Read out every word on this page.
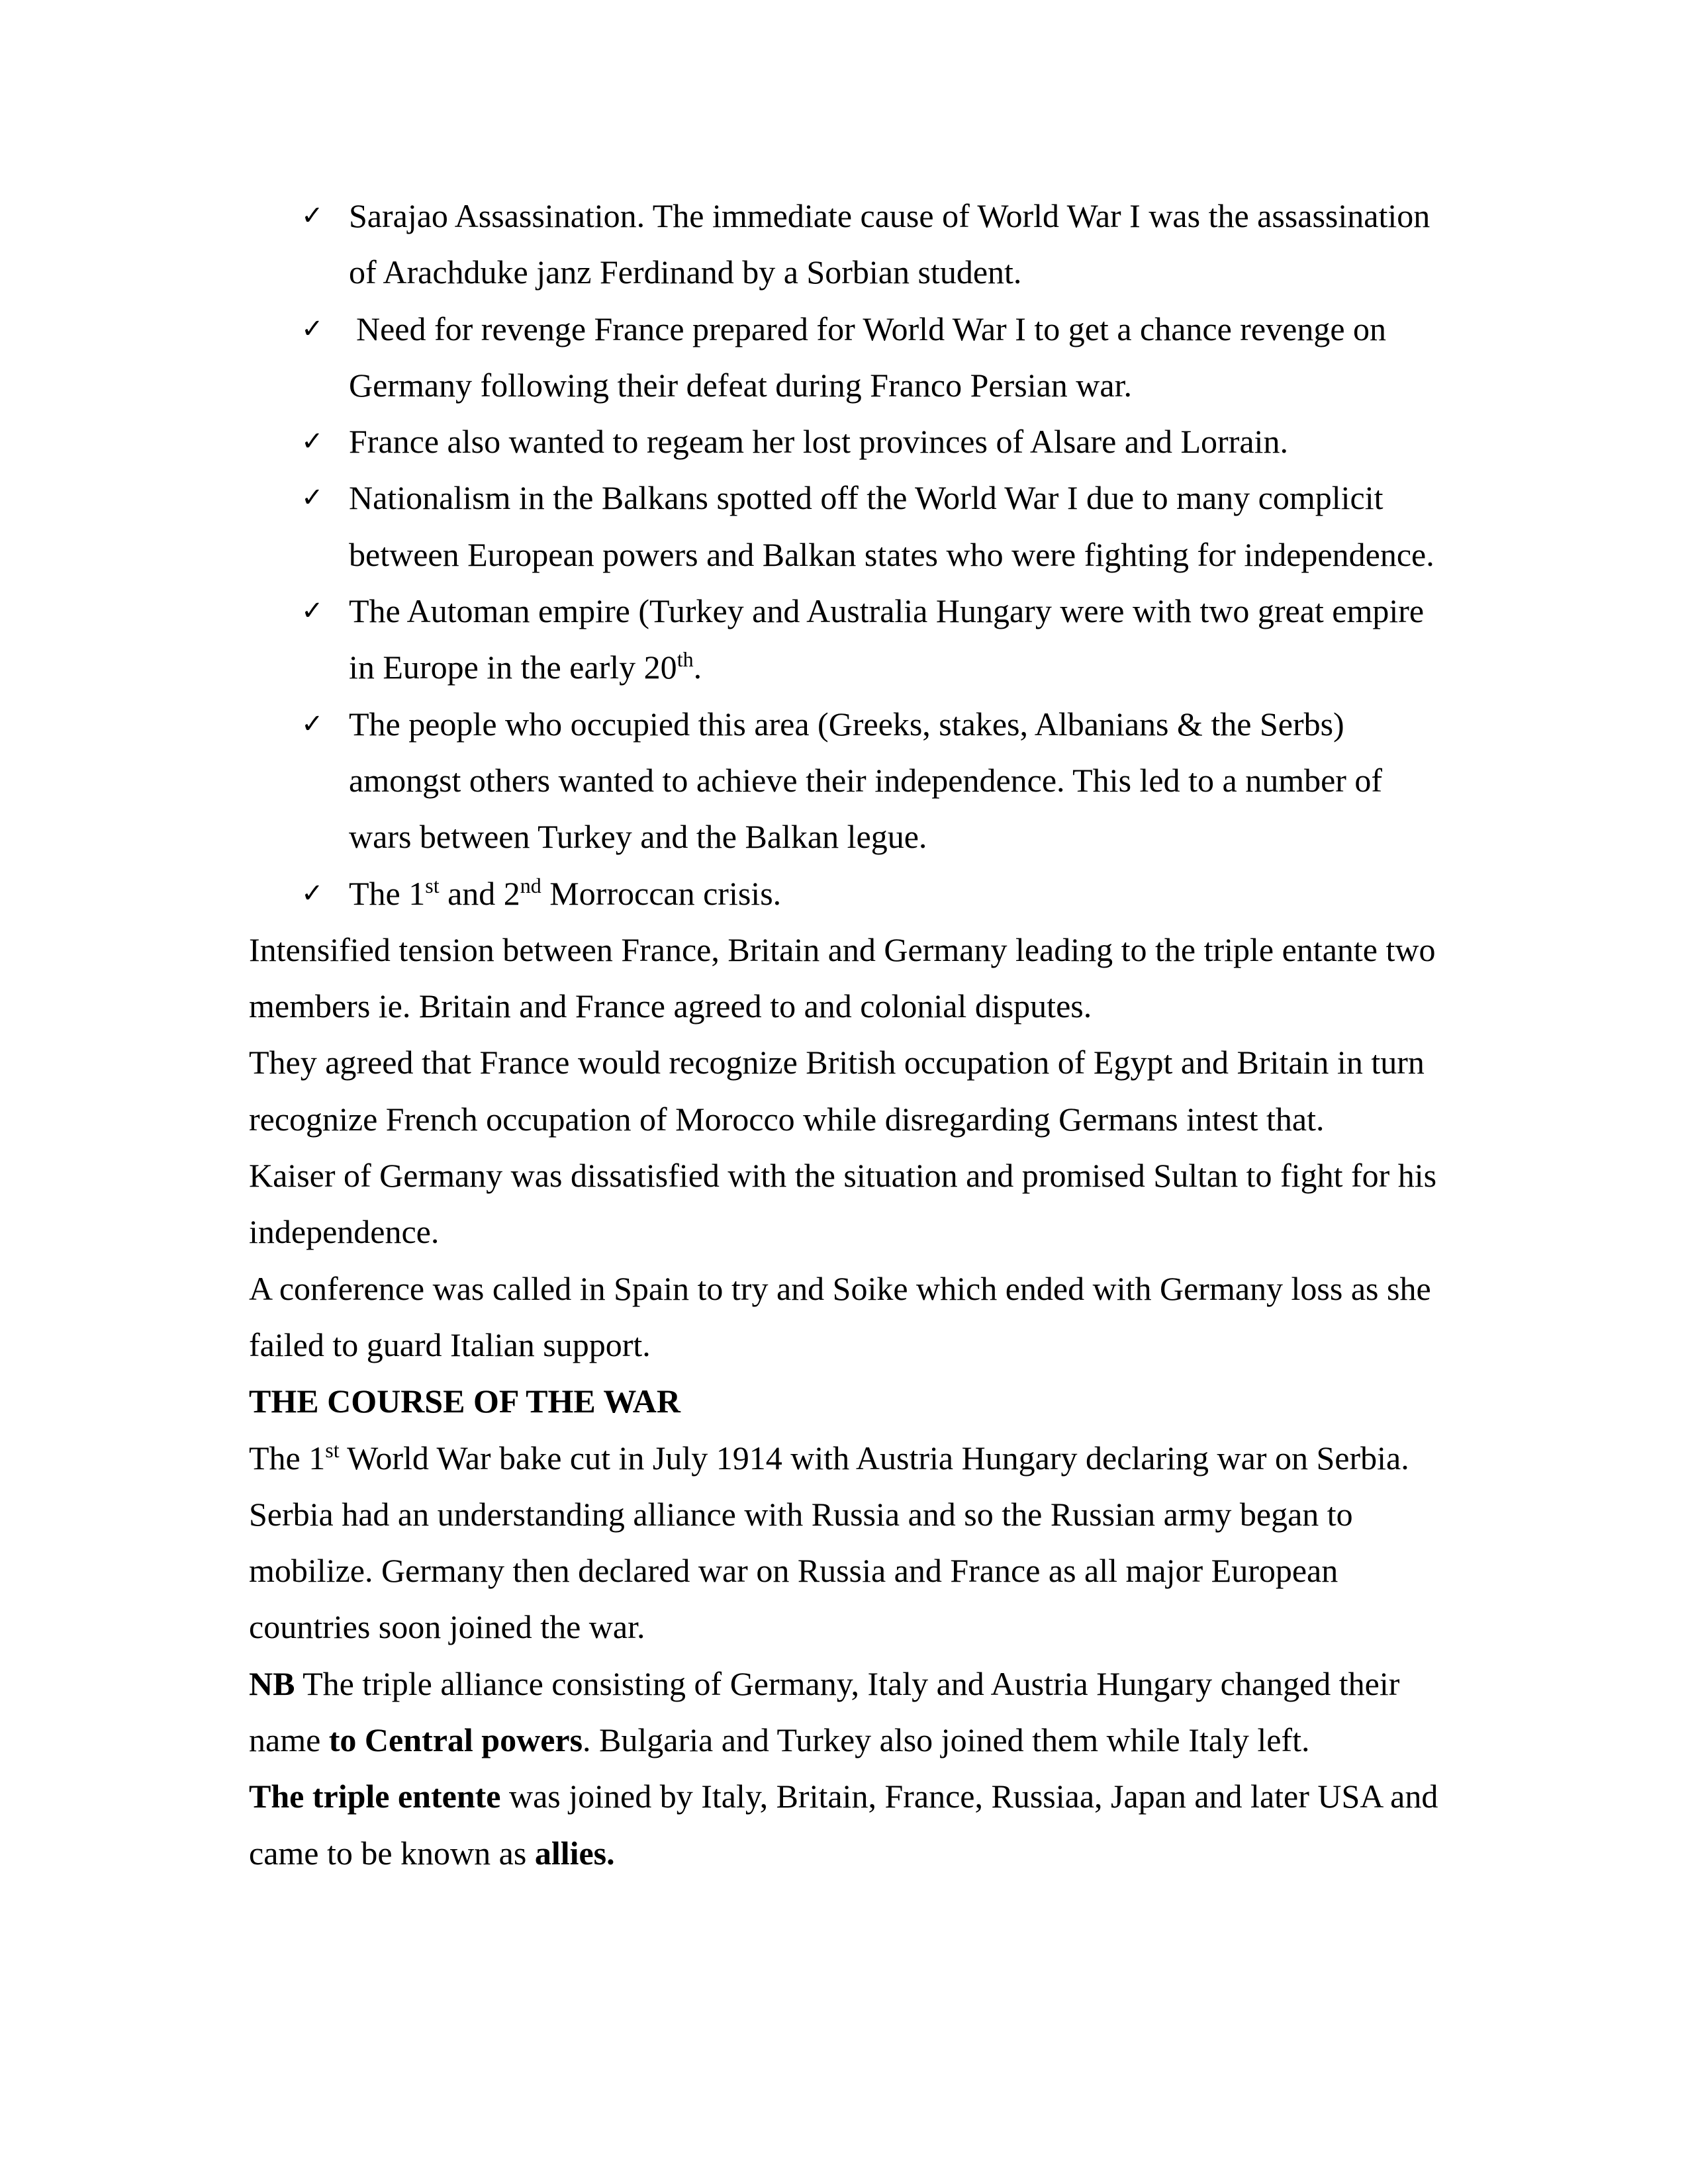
✓ Sarajao Assassination. The immediate cause of World War I was the assassination of Arachduke janz Ferdinand by a Sorbian student.
✓ Need for revenge France prepared for World War I to get a chance revenge on Germany following their defeat during Franco Persian war.
✓ France also wanted to regeam her lost provinces of Alsare and Lorrain.
✓ Nationalism in the Balkans spotted off the World War I due to many complicit between European powers and Balkan states who were fighting for independence.
✓ The Automan empire (Turkey and Australia Hungary were with two great empire in Europe in the early 20th.
✓ The people who occupied this area (Greeks, stakes, Albanians & the Serbs) amongst others wanted to achieve their independence. This led to a number of wars between Turkey and the Balkan legue.
✓ The 1st and 2nd Morroccan crisis.

Intensified tension between France, Britain and Germany leading to the triple entante two members ie. Britain and France agreed to and colonial disputes.

They agreed that France would recognize British occupation of Egypt and Britain in turn recognize French occupation of Morocco while disregarding Germans intest that.

Kaiser of Germany was dissatisfied with the situation and promised Sultan to fight for his independence.

A conference was called in Spain to try and Soike which ended with Germany loss as she failed to guard Italian support.

THE COURSE OF THE WAR

The 1st World War bake cut in July 1914 with Austria Hungary declaring war on Serbia.

Serbia had an understanding alliance with Russia and so the Russian army began to mobilize. Germany then declared war on Russia and France as all major European countries soon joined the war.

NB The triple alliance consisting of Germany, Italy and Austria Hungary changed their name to Central powers. Bulgaria and Turkey also joined them while Italy left.

The triple entente was joined by Italy, Britain, France, Russiaa, Japan and later USA and came to be known as allies.
